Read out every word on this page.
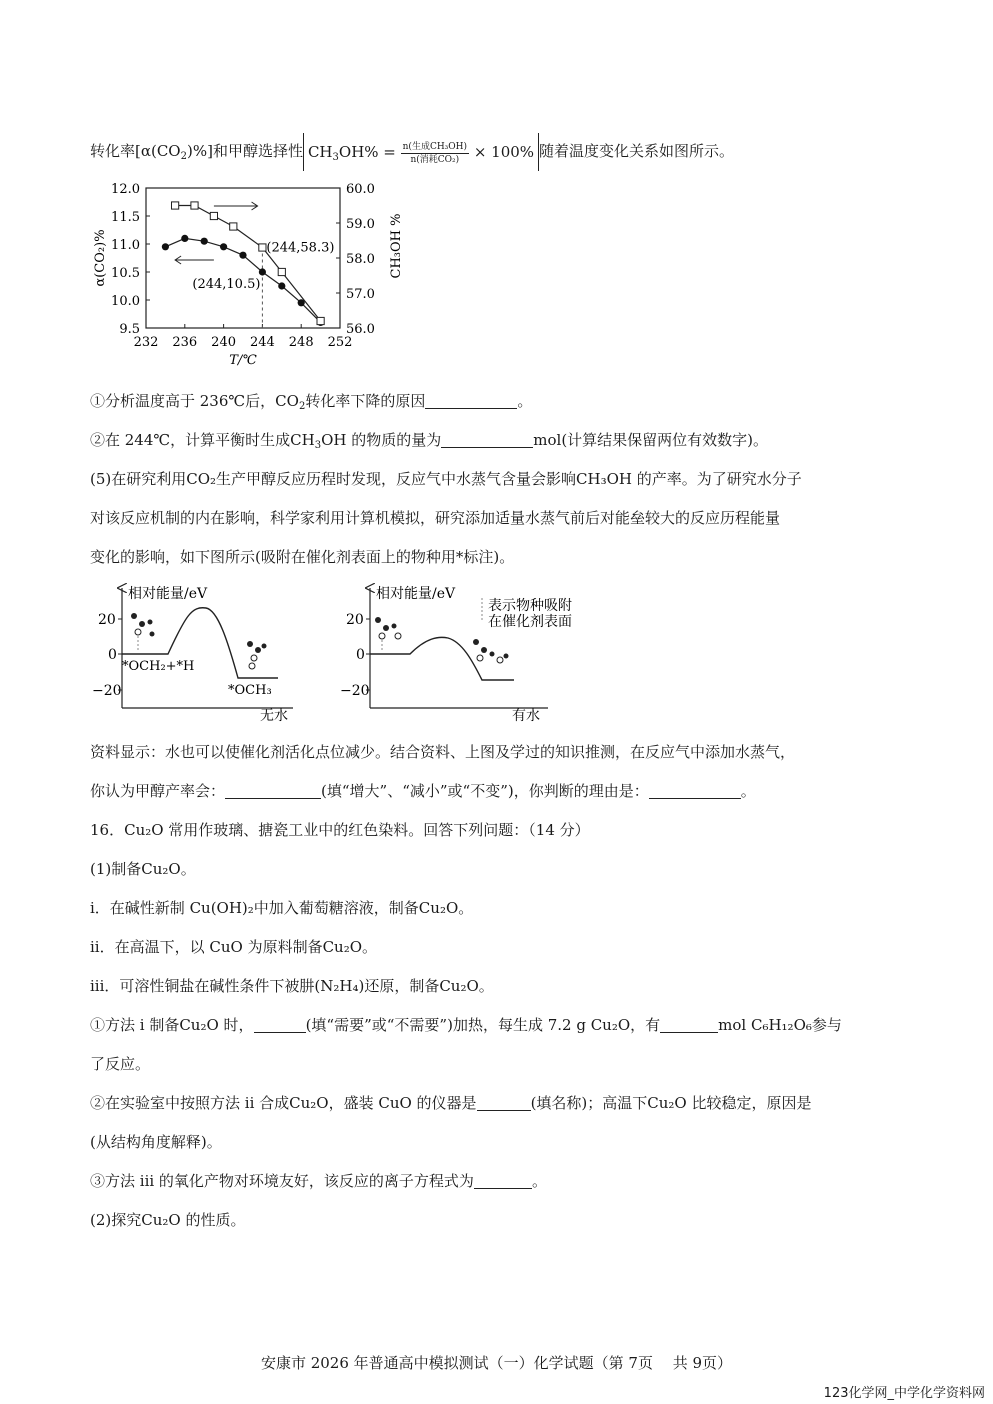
转化率$[\alpha(CO_2)\%]$和甲醇选择性 $CH_3OH\% = \frac{\text{n(生成CH₃OH)}}{\text{n(消耗CO₂)}} \times 100\%$ 随着温度变化关系如图所示。
232 236 240 244 248 252
9.5
10.0
10.5
11.0
11.5
12.0
56.0
57.0
58.0
59.0
60.0
T/℃
α(CO₂)%	CH₃OH %
(244,58.3)
(244,10.5)
①分析温度高于 236℃后，$CO_2$转化率下降的原因	。
②在 244℃，计算平衡时生成$CH_3OH$ 的物质的量为	mol(计算结果保留两位有效数字)。
(5)在研究利用CO₂生产甲醇反应历程时发现，反应气中水蒸气含量会影响CH₃OH 的产率。为了研究水分子
对该反应机制的内在影响，科学家利用计算机模拟，研究添加适量水蒸气前后对能垒较大的反应历程能量
变化的影响，如下图所示(吸附在催化剂表面上的物种用*标注)。
相对能量/eV
20
0
−20
*OCH₂+*H
*OCH₃
无水
相对能量/eV
20
0
−20
表示物种吸附
在催化剂表面
有水
资料显示：水也可以使催化剂活化点位减少。结合资料、上图及学过的知识推测，在反应气中添加水蒸气，
你认为甲醇产率会：	(填“增大”、“减小”或“不变”)，你判断的理由是：	。
16．Cu₂O 常用作玻璃、搪瓷工业中的红色染料。回答下列问题：（14 分）
(1)制备Cu₂O。
i．在碱性新制 Cu(OH)₂中加入葡萄糖溶液，制备Cu₂O。
ii．在高温下，以 CuO 为原料制备Cu₂O。
iii．可溶性铜盐在碱性条件下被肼(N₂H₄)还原，制备Cu₂O。
①方法 i 制备Cu₂O 时，	(填“需要”或“不需要”)加热，每生成 7.2 g Cu₂O，有	mol C₆H₁₂O₆参与
了反应。
②在实验室中按照方法 ii 合成Cu₂O，盛装 CuO 的仪器是	(填名称)；高温下Cu₂O 比较稳定，原因是
(从结构角度解释)。
③方法 iii 的氧化产物对环境友好，该反应的离子方程式为	。
(2)探究Cu₂O 的性质。
安康市 2026 年普通高中模拟测试（一）化学试题（第 7页　 共 9页）
123化学网_中学化学资料网
